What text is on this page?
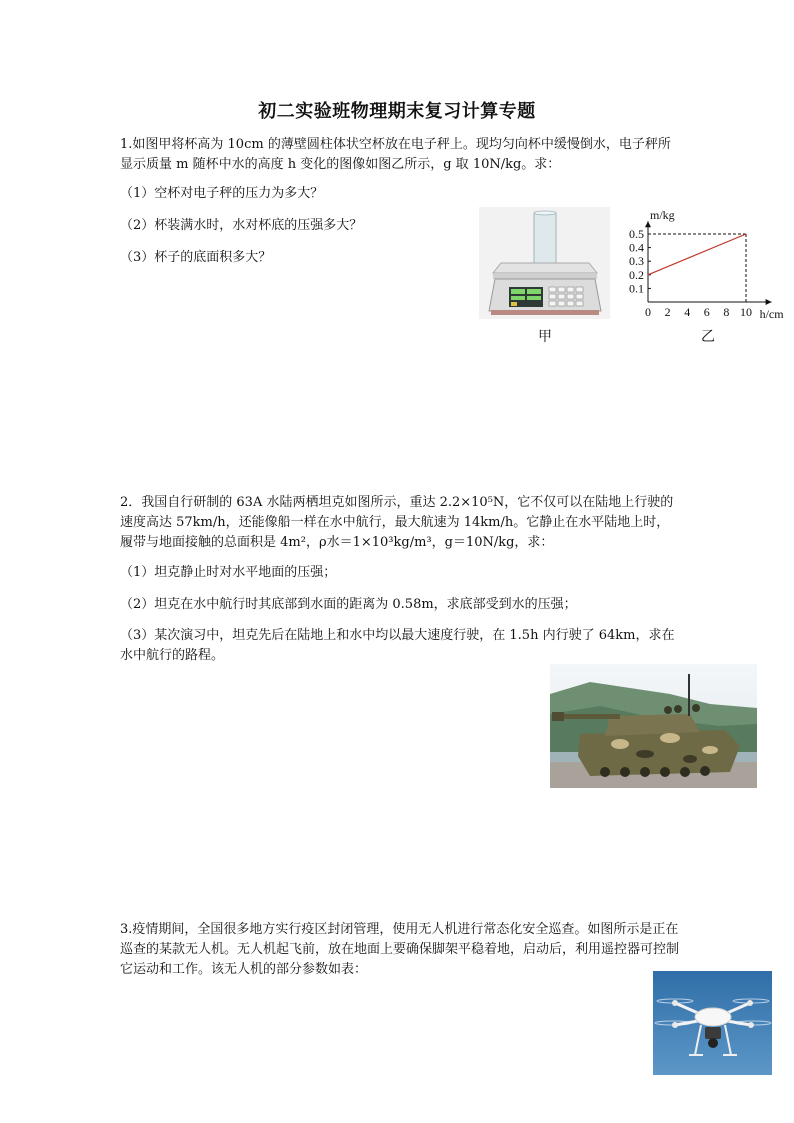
初二实验班物理期末复习计算专题
1.如图甲将杯高为 10cm 的薄壁圆柱体状空杯放在电子秤上。现均匀向杯中缓慢倒水，电子秤所显示质量 m 随杯中水的高度 h 变化的图像如图乙所示，g 取 10N/kg。求：
（1）空杯对电子秤的压力为多大？
（2）杯装满水时，水对杯底的压强多大？
（3）杯子的底面积多大？
甲
m/kg
h/cm
0 2 4 6 8 10
0.1
0.2
0.3
0.4
0.5
乙
2．我国自行研制的 63A 水陆两栖坦克如图所示，重达 2.2×10⁵N，它不仅可以在陆地上行驶的速度高达 57km/h，还能像船一样在水中航行，最大航速为 14km/h。它静止在水平陆地上时，履带与地面接触的总面积是 4m²，ρ水＝1×10³kg/m³，g＝10N/kg，求：
（1）坦克静止时对水平地面的压强；
（2）坦克在水中航行时其底部到水面的距离为 0.58m，求底部受到水的压强；
（3）某次演习中，坦克先后在陆地上和水中均以最大速度行驶，在 1.5h 内行驶了 64km，求在水中航行的路程。
3.疫情期间，全国很多地方实行疫区封闭管理，使用无人机进行常态化安全巡查。如图所示是正在巡查的某款无人机。无人机起飞前，放在地面上要确保脚架平稳着地，启动后，利用遥控器可控制它运动和工作。该无人机的部分参数如表：
